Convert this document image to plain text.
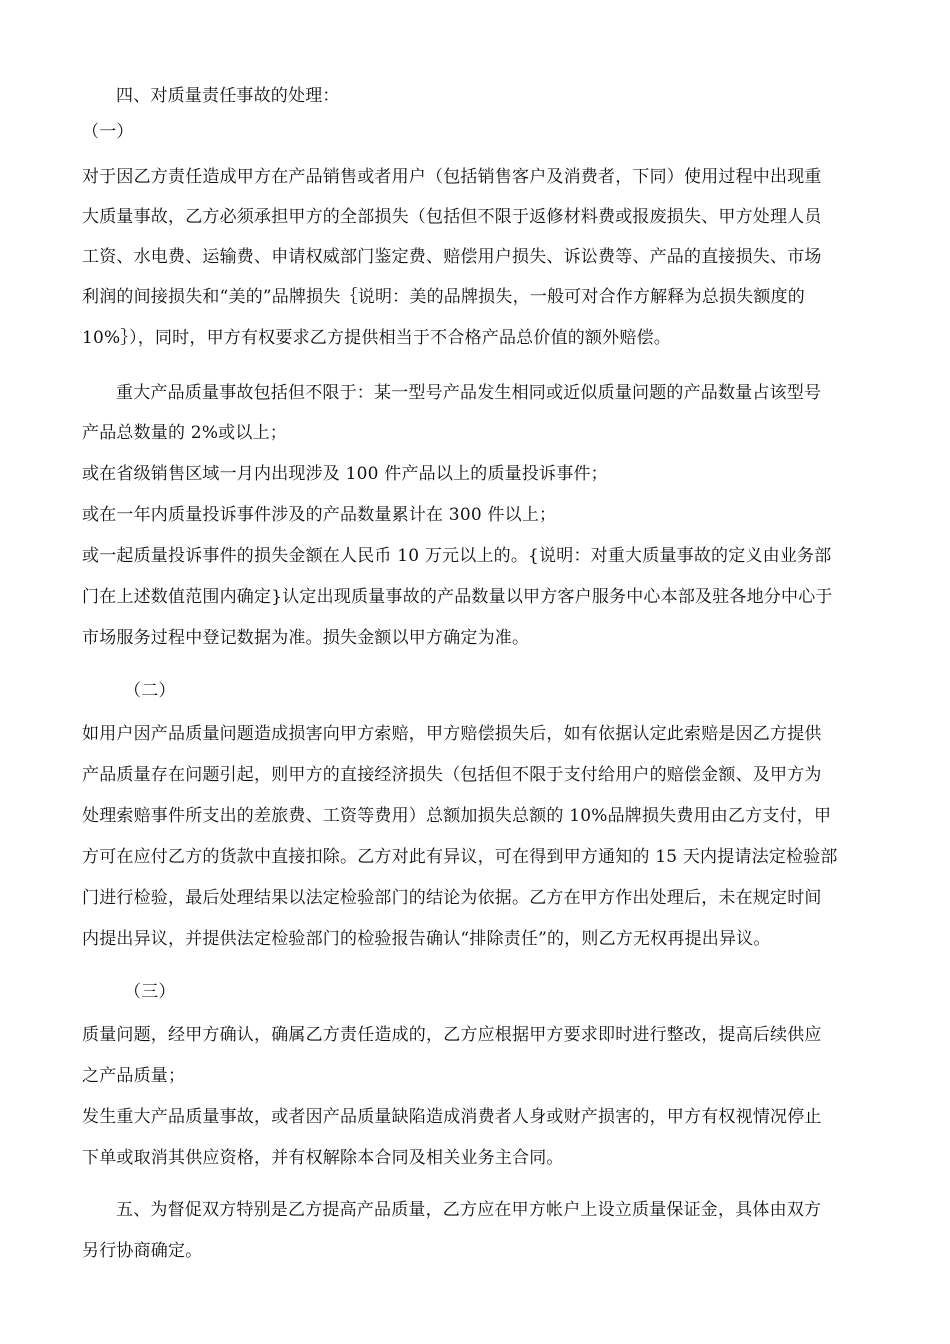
四、对质量责任事故的处理：
（一）
对于因乙方责任造成甲方在产品销售或者用户（包括销售客户及消费者，下同）使用过程中出现重
大质量事故，乙方必须承担甲方的全部损失（包括但不限于返修材料费或报废损失、甲方处理人员
工资、水电费、运输费、申请权威部门鉴定费、赔偿用户损失、诉讼费等、产品的直接损失、市场
利润的间接损失和“美的”品牌损失｛说明：美的品牌损失，一般可对合作方解释为总损失额度的
10%｝），同时，甲方有权要求乙方提供相当于不合格产品总价值的额外赔偿。
重大产品质量事故包括但不限于：某一型号产品发生相同或近似质量问题的产品数量占该型号
产品总数量的 2%或以上；
或在省级销售区域一月内出现涉及 100 件产品以上的质量投诉事件；
或在一年内质量投诉事件涉及的产品数量累计在 300 件以上；
或一起质量投诉事件的损失金额在人民币 10 万元以上的。{说明：对重大质量事故的定义由业务部
门在上述数值范围内确定}认定出现质量事故的产品数量以甲方客户服务中心本部及驻各地分中心于
市场服务过程中登记数据为准。损失金额以甲方确定为准。
（二）
如用户因产品质量问题造成损害向甲方索赔，甲方赔偿损失后，如有依据认定此索赔是因乙方提供
产品质量存在问题引起，则甲方的直接经济损失（包括但不限于支付给用户的赔偿金额、及甲方为
处理索赔事件所支出的差旅费、工资等费用）总额加损失总额的 10%品牌损失费用由乙方支付，甲
方可在应付乙方的货款中直接扣除。乙方对此有异议，可在得到甲方通知的 15 天内提请法定检验部
门进行检验，最后处理结果以法定检验部门的结论为依据。乙方在甲方作出处理后，未在规定时间
内提出异议，并提供法定检验部门的检验报告确认“排除责任”的，则乙方无权再提出异议。
（三）
质量问题，经甲方确认，确属乙方责任造成的，乙方应根据甲方要求即时进行整改，提高后续供应
之产品质量；
发生重大产品质量事故，或者因产品质量缺陷造成消费者人身或财产损害的，甲方有权视情况停止
下单或取消其供应资格，并有权解除本合同及相关业务主合同。
五、为督促双方特别是乙方提高产品质量，乙方应在甲方帐户上设立质量保证金，具体由双方
另行协商确定。
